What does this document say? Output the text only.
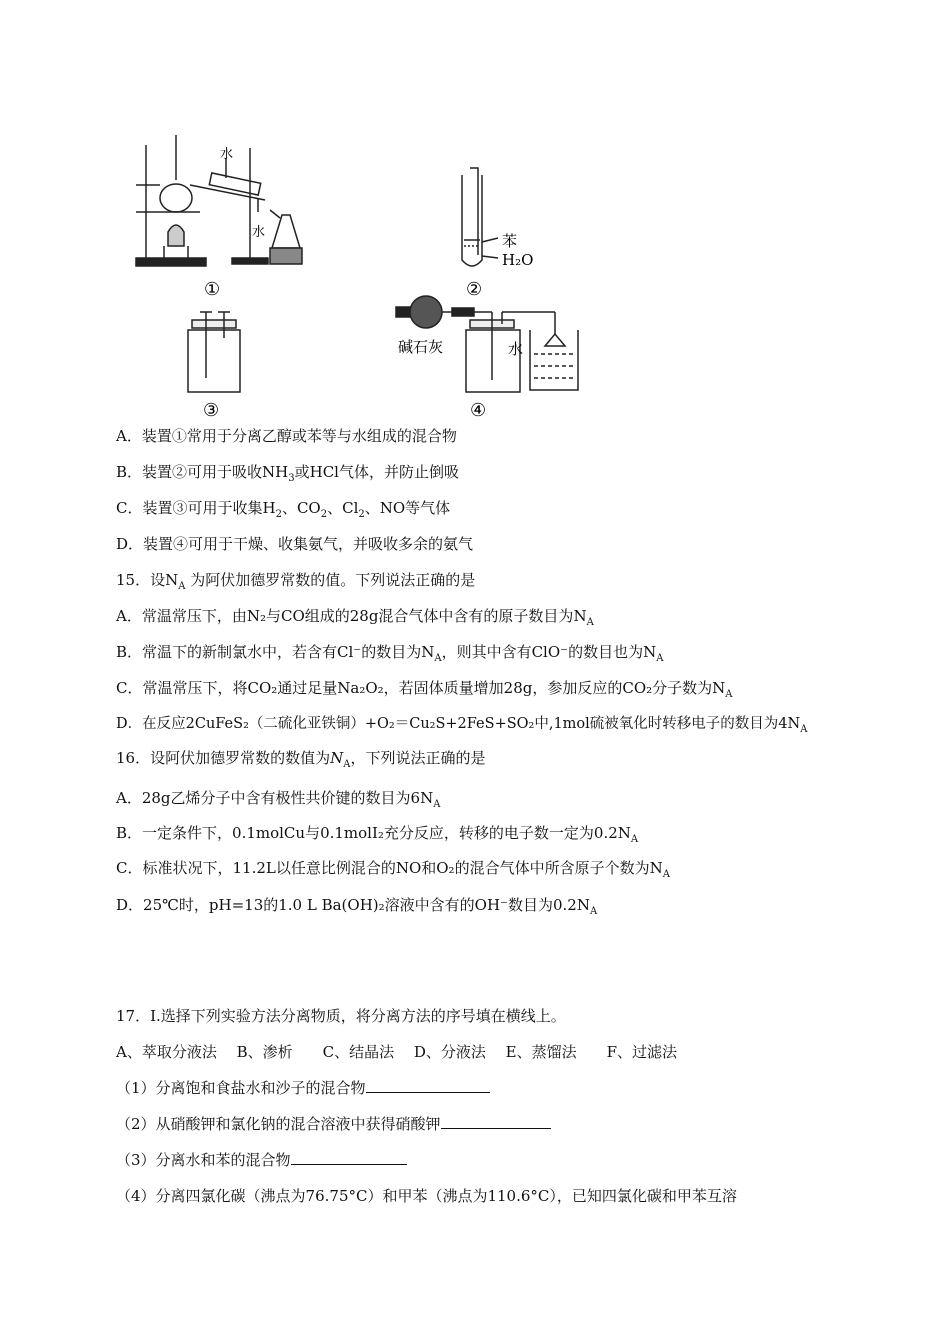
水
水
①
苯
H₂O
②
③
碱石灰	水
④
A．装置①常用于分离乙醇或苯等与水组成的混合物
B．装置②可用于吸收$NH_3$或HCl气体，并防止倒吸
C．装置③可用于收集$H_2$、$CO_2$、$Cl_2$、NO等气体
D．装置④可用于干燥、收集氨气，并吸收多余的氨气
15．设$N_A$ 为阿伏加德罗常数的值。下列说法正确的是
A．常温常压下，由N₂与CO组成的28g混合气体中含有的原子数目为$N_A$
B．常温下的新制氯水中，若含有Cl⁻的数目为$N_A$，则其中含有ClO⁻的数目也为$N_A$
C．常温常压下，将CO₂通过足量Na₂O₂，若固体质量增加28g，参加反应的CO₂分子数为$N_A$
D．在反应2CuFeS₂（二硫化亚铁铜）+O₂＝Cu₂S+2FeS+SO₂中,1mol硫被氧化时转移电子的数目为$4N_A$
16．设阿伏加德罗常数的数值为$N_A$，下列说法正确的是
A．28g乙烯分子中含有极性共价键的数目为$6N_A$
B．一定条件下，0.1molCu与0.1molI₂充分反应，转移的电子数一定为$0.2N_A$
C．标准状况下，11.2L以任意比例混合的NO和O₂的混合气体中所含原子个数为$N_A$
D．25℃时，pH=13的1.0 L Ba(OH)₂溶液中含有的OH⁻数目为$0.2N_A$
17．Ⅰ.选择下列实验方法分离物质，将分离方法的序号填在横线上。
A、萃取分液法　 B、渗析　　C、结晶法　 D、分液法　 E、蒸馏法　　F、过滤法
（1）分离饱和食盐水和沙子的混合物
（2）从硝酸钾和氯化钠的混合溶液中获得硝酸钾
（3）分离水和苯的混合物
（4）分离四氯化碳（沸点为76.75°C）和甲苯（沸点为110.6°C），已知四氯化碳和甲苯互溶
